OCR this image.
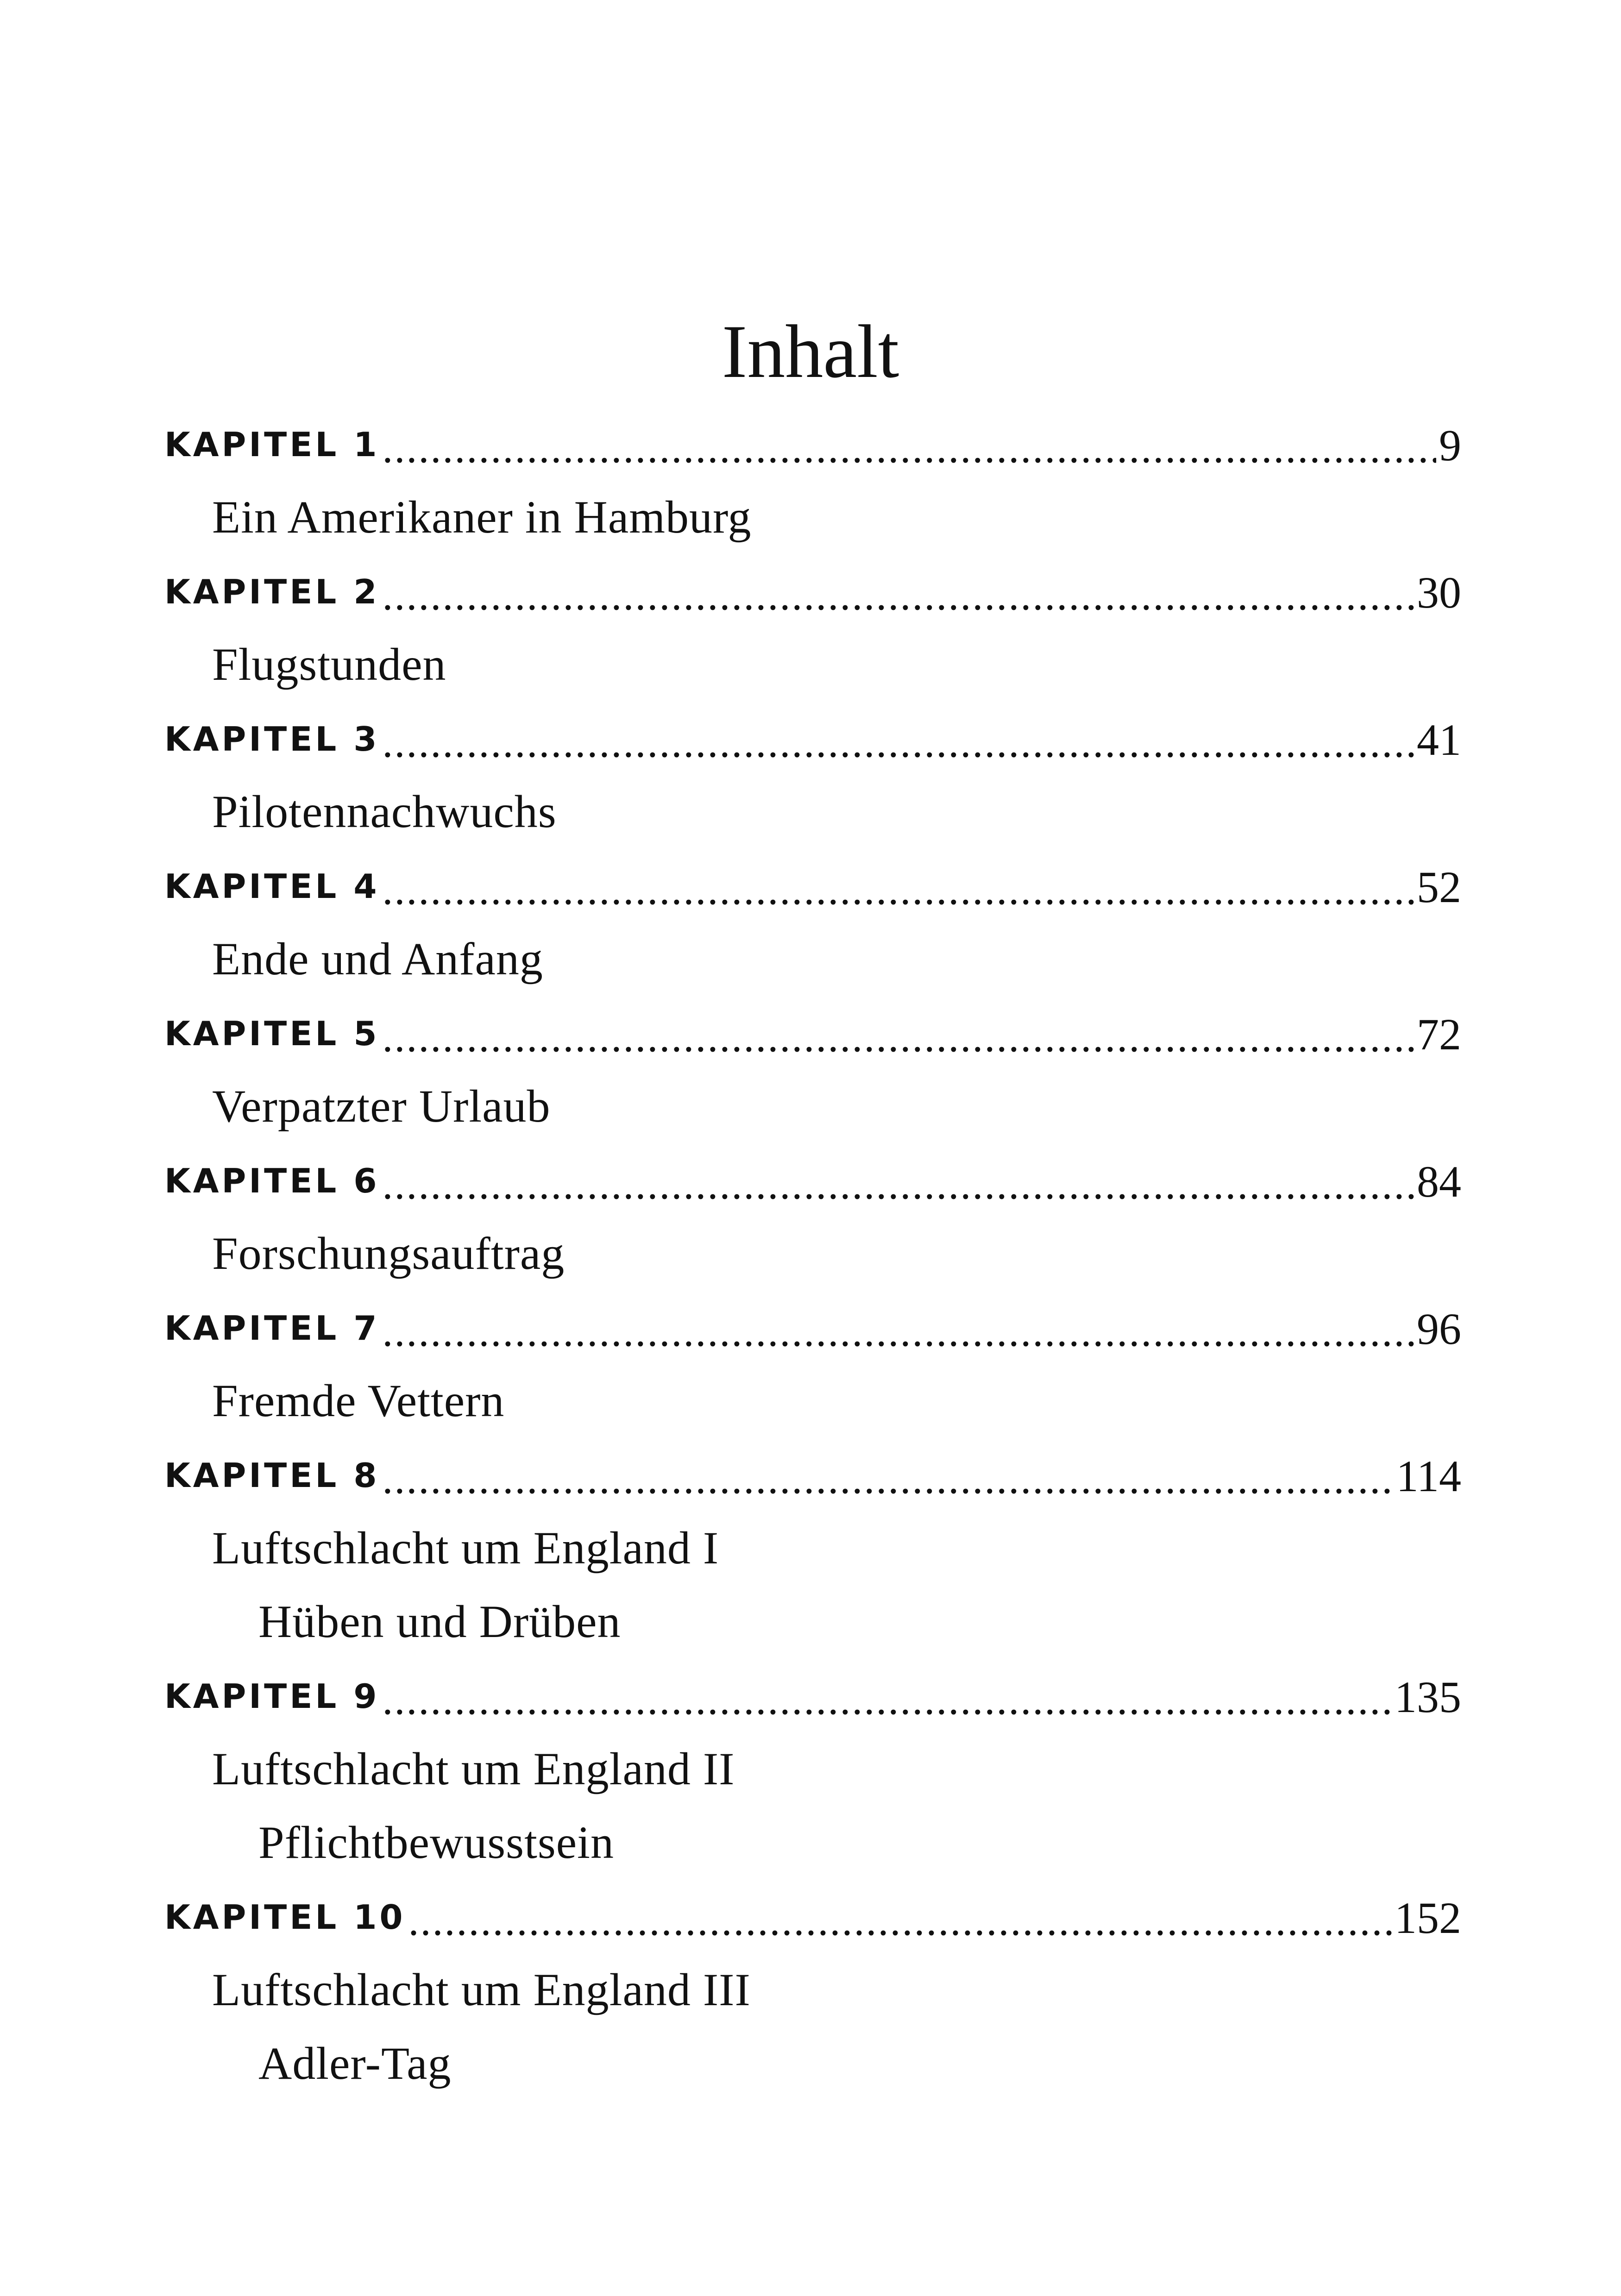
Inhalt
KAPITEL 1 .....	9
Ein Amerikaner in Hamburg
KAPITEL 2 .....	30
Flugstunden
KAPITEL 3 .....	41
Pilotennachwuchs
KAPITEL 4 .....	52
Ende und Anfang
KAPITEL 5 .....	72
Verpatzter Urlaub
KAPITEL 6 .....	84
Forschungsauftrag
KAPITEL 7 .....	96
Fremde Vettern
KAPITEL 8 .....	114
Luftschlacht um England I
Hüben und Drüben
KAPITEL 9 .....	135
Luftschlacht um England II
Pflichtbewusstsein
KAPITEL 10 .....	152
Luftschlacht um England III
Adler-Tag
